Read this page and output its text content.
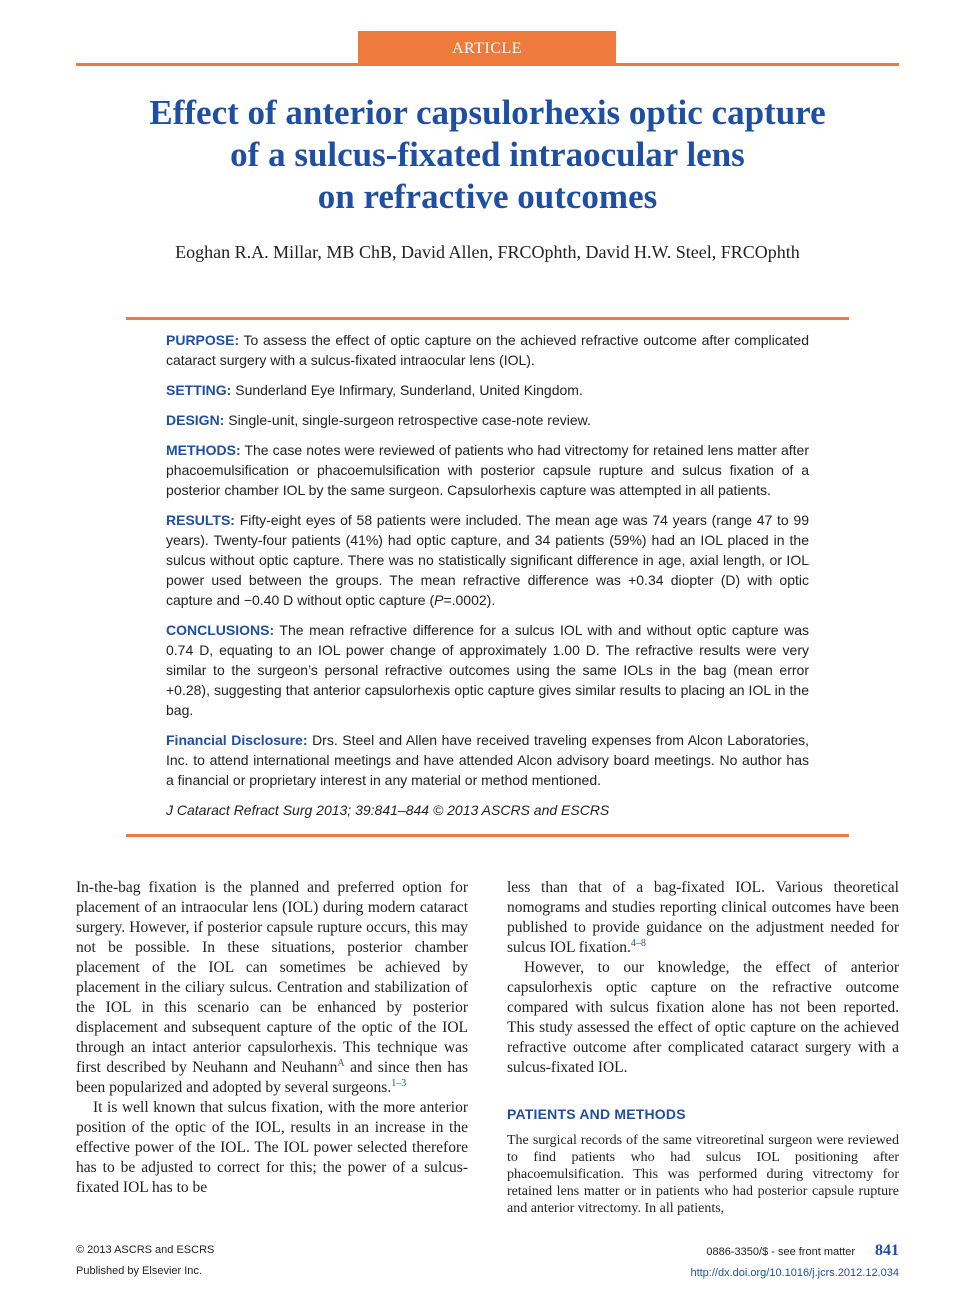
ARTICLE
Effect of anterior capsulorhexis optic capture
of a sulcus-fixated intraocular lens
on refractive outcomes
Eoghan R.A. Millar, MB ChB, David Allen, FRCOphth, David H.W. Steel, FRCOphth

PURPOSE: To assess the effect of optic capture on the achieved refractive outcome after complicated cataract surgery with a sulcus-fixated intraocular lens (IOL).

SETTING: Sunderland Eye Infirmary, Sunderland, United Kingdom.

DESIGN: Single-unit, single-surgeon retrospective case-note review.

METHODS: The case notes were reviewed of patients who had vitrectomy for retained lens matter after phacoemulsification or phacoemulsification with posterior capsule rupture and sulcus fixation of a posterior chamber IOL by the same surgeon. Capsulorhexis capture was attempted in all patients.

RESULTS: Fifty-eight eyes of 58 patients were included. The mean age was 74 years (range 47 to 99 years). Twenty-four patients (41%) had optic capture, and 34 patients (59%) had an IOL placed in the sulcus without optic capture. There was no statistically significant difference in age, axial length, or IOL power used between the groups. The mean refractive difference was +0.34 diopter (D) with optic capture and −0.40 D without optic capture (P=.0002).

CONCLUSIONS: The mean refractive difference for a sulcus IOL with and without optic capture was 0.74 D, equating to an IOL power change of approximately 1.00 D. The refractive results were very similar to the surgeon’s personal refractive outcomes using the same IOLs in the bag (mean error +0.28), suggesting that anterior capsulorhexis optic capture gives similar results to placing an IOL in the bag.

Financial Disclosure: Drs. Steel and Allen have received traveling expenses from Alcon Laboratories, Inc. to attend international meetings and have attended Alcon advisory board meetings. No author has a financial or proprietary interest in any material or method mentioned.

J Cataract Refract Surg 2013; 39:841–844 © 2013 ASCRS and ESCRS

In-the-bag fixation is the planned and preferred option for placement of an intraocular lens (IOL) during modern cataract surgery. However, if posterior capsule rupture occurs, this may not be possible. In these situations, posterior chamber placement of the IOL can sometimes be achieved by placement in the ciliary sulcus. Centration and stabilization of the IOL in this scenario can be enhanced by posterior displacement and subsequent capture of the optic of the IOL through an intact anterior capsulorhexis. This technique was first described by Neuhann and Neuhann$^A$ and since then has been popularized and adopted by several surgeons.$^{1-3}$

It is well known that sulcus fixation, with the more anterior position of the optic of the IOL, results in an increase in the effective power of the IOL. The IOL power selected therefore has to be adjusted to correct for this; the power of a sulcus-fixated IOL has to be

less than that of a bag-fixated IOL. Various theoretical nomograms and studies reporting clinical outcomes have been published to provide guidance on the adjustment needed for sulcus IOL fixation.$^{4-8}$

However, to our knowledge, the effect of anterior capsulorhexis optic capture on the refractive outcome compared with sulcus fixation alone has not been reported. This study assessed the effect of optic capture on the achieved refractive outcome after complicated cataract surgery with a sulcus-fixated IOL.

PATIENTS AND METHODS

The surgical records of the same vitreoretinal surgeon were reviewed to find patients who had sulcus IOL positioning after phacoemulsification. This was performed during vitrectomy for retained lens matter or in patients who had posterior capsule rupture and anterior vitrectomy. In all patients,

© 2013 ASCRS and ESCRS
Published by Elsevier Inc.
0886-3350/$ - see front matter 841
http://dx.doi.org/10.1016/j.jcrs.2012.12.034
